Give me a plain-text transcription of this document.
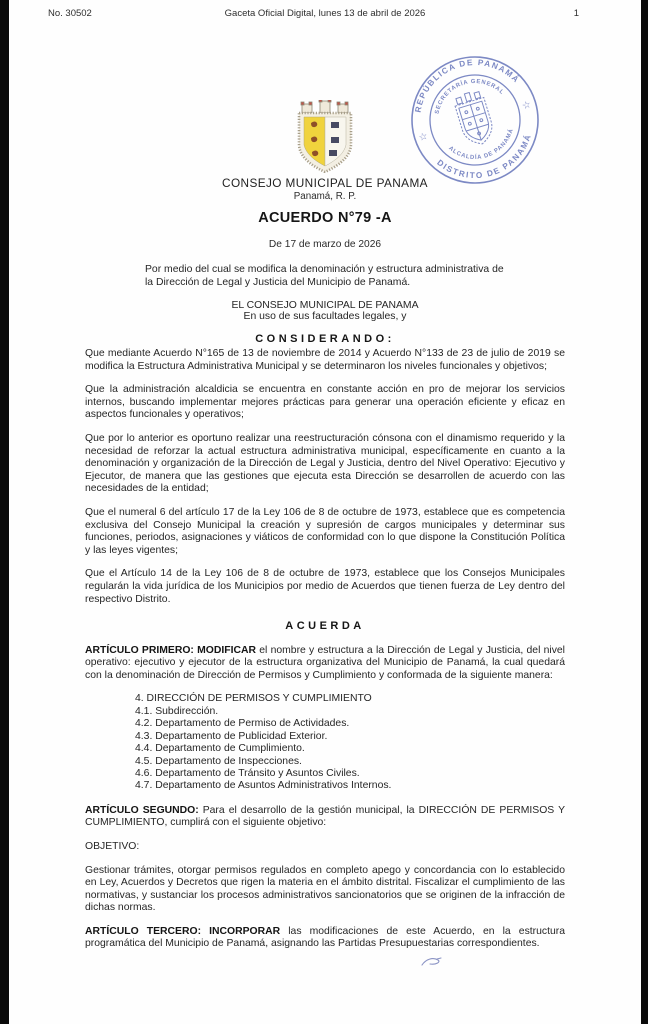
No. 30502	Gaceta Oficial Digital, lunes 13 de abril de 2026	1
REPÚBLICA DE PANAMÁ
DISTRITO DE PANAMÁ
SECRETARÍA GENERAL
ALCALDÍA DE PANAMÁ
☆
☆
CONSEJO MUNICIPAL DE PANAMA
Panamá, R. P.
ACUERDO N°79 -A
De 17 de marzo de 2026
Por medio del cual se modifica la denominación y estructura administrativa de la Dirección de Legal y Justicia del Municipio de Panamá.
EL CONSEJO MUNICIPAL DE PANAMA
En uso de sus facultades legales, y
CONSIDERANDO:

Que mediante Acuerdo N°165 de 13 de noviembre de 2014 y Acuerdo N°133 de 23 de julio de 2019 se modifica la Estructura Administrativa Municipal y se determinaron los niveles funcionales y objetivos;

Que la administración alcaldicia se encuentra en constante acción en pro de mejorar los servicios internos, buscando implementar mejores prácticas para generar una operación eficiente y eficaz en aspectos funcionales y operativos;

Que por lo anterior es oportuno realizar una reestructuración cónsona con el dinamismo requerido y la necesidad de reforzar la actual estructura administrativa municipal, específicamente en cuanto a la denominación y organización de la Dirección de Legal y Justicia, dentro del Nivel Operativo: Ejecutivo y Ejecutor, de manera que las gestiones que ejecuta esta Dirección se desarrollen de acuerdo con las necesidades de la entidad;

Que el numeral 6 del artículo 17 de la Ley 106 de 8 de octubre de 1973, establece que es competencia exclusiva del Consejo Municipal la creación y supresión de cargos municipales y determinar sus funciones, periodos, asignaciones y viáticos de conformidad con lo que dispone la Constitución Política y las leyes vigentes;

Que el Artículo 14 de la Ley 106 de 8 de octubre de 1973, establece que los Consejos Municipales regularán la vida jurídica de los Municipios por medio de Acuerdos que tienen fuerza de Ley dentro del respectivo Distrito.

ACUERDA

ARTÍCULO PRIMERO: MODIFICAR el nombre y estructura a la Dirección de Legal y Justicia, del nivel operativo: ejecutivo y ejecutor de la estructura organizativa del Municipio de Panamá, la cual quedará con la denominación de Dirección de Permisos y Cumplimiento y conformada de la siguiente manera:

4. DIRECCIÓN DE PERMISOS Y CUMPLIMIENTO
4.1. Subdirección.
4.2. Departamento de Permiso de Actividades.
4.3. Departamento de Publicidad Exterior.
4.4. Departamento de Cumplimiento.
4.5. Departamento de Inspecciones.
4.6. Departamento de Tránsito y Asuntos Civiles.
4.7. Departamento de Asuntos Administrativos Internos.

ARTÍCULO SEGUNDO: Para el desarrollo de la gestión municipal, la DIRECCIÓN DE PERMISOS Y CUMPLIMIENTO, cumplirá con el siguiente objetivo:

OBJETIVO:

Gestionar trámites, otorgar permisos regulados en completo apego y concordancia con lo establecido en Ley, Acuerdos y Decretos que rigen la materia en el ámbito distrital. Fiscalizar el cumplimiento de las normativas, y sustanciar los procesos administrativos sancionatorios que se originen de la infracción de dichas normas.

ARTÍCULO TERCERO: INCORPORAR las modificaciones de este Acuerdo, en la estructura programática del Municipio de Panamá, asignando las Partidas Presupuestarias correspondientes.
